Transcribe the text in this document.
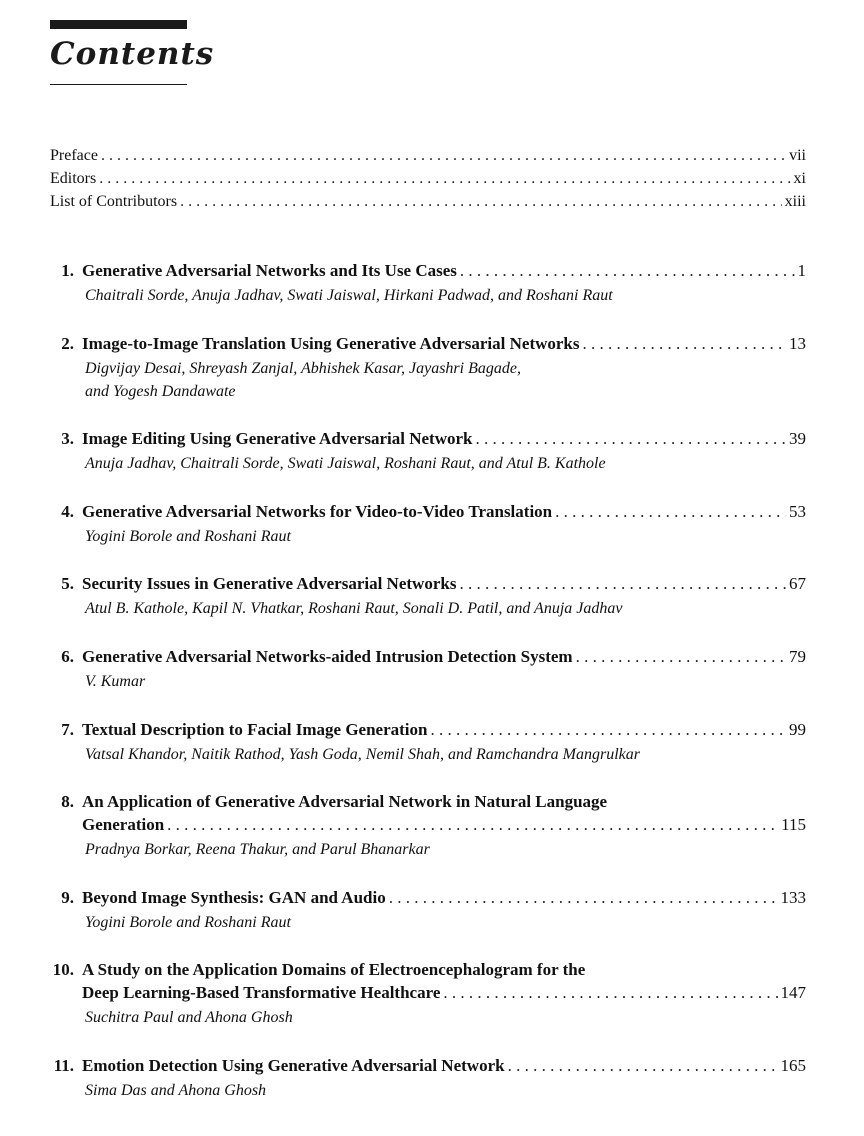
Contents
Preface . . .	vii
Editors . . .	xi
List of Contributors . . .	xiii
1. Generative Adversarial Networks and Its Use Cases . . .	1
Chaitrali Sorde, Anuja Jadhav, Swati Jaiswal, Hirkani Padwad, and Roshani Raut
2. Image-to-Image Translation Using Generative Adversarial Networks . . .	13
Digvijay Desai, Shreyash Zanjal, Abhishek Kasar, Jayashri Bagade,
and Yogesh Dandawate
3. Image Editing Using Generative Adversarial Network . . .	39
Anuja Jadhav, Chaitrali Sorde, Swati Jaiswal, Roshani Raut, and Atul B. Kathole
4. Generative Adversarial Networks for Video-to-Video Translation . . .	53
Yogini Borole and Roshani Raut
5. Security Issues in Generative Adversarial Networks . . .	67
Atul B. Kathole, Kapil N. Vhatkar, Roshani Raut, Sonali D. Patil, and Anuja Jadhav
6. Generative Adversarial Networks-aided Intrusion Detection System . . .	79
V. Kumar
7. Textual Description to Facial Image Generation . . .	99
Vatsal Khandor, Naitik Rathod, Yash Goda, Nemil Shah, and Ramchandra Mangrulkar
8. An Application of Generative Adversarial Network in Natural Language
Generation . . .	115
Pradnya Borkar, Reena Thakur, and Parul Bhanarkar
9. Beyond Image Synthesis: GAN and Audio . . .	133
Yogini Borole and Roshani Raut
10. A Study on the Application Domains of Electroencephalogram for the
Deep Learning-Based Transformative Healthcare . . .	147
Suchitra Paul and Ahona Ghosh
11. Emotion Detection Using Generative Adversarial Network . . .	165
Sima Das and Ahona Ghosh
